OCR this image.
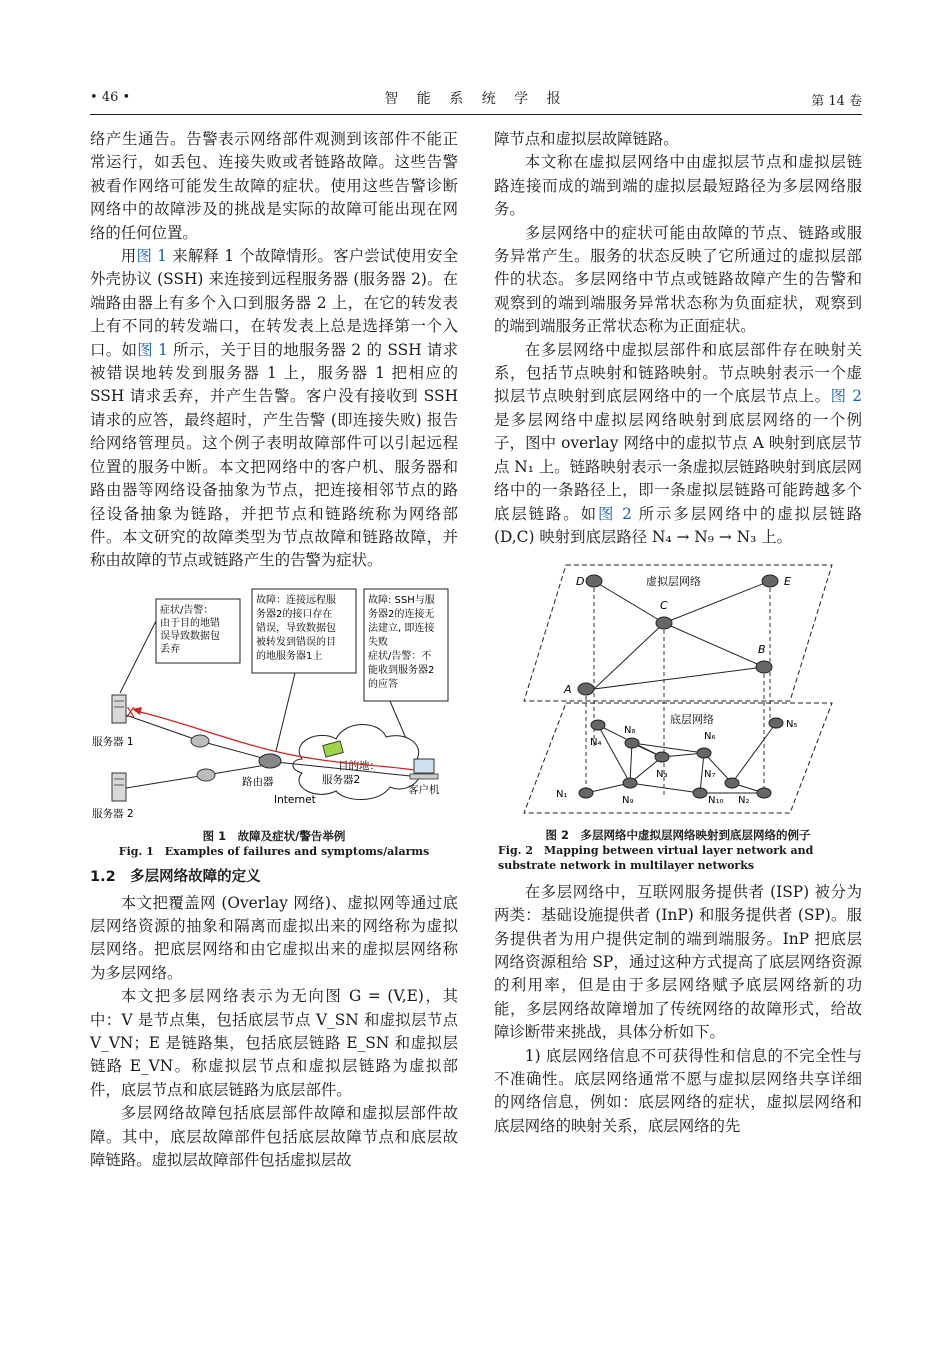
• 46 •	智 能 系 统 学 报	第 14 卷

络产生通告。告警表示网络部件观测到该部件不能正常运行，如丢包、连接失败或者链路故障。这些告警被看作网络可能发生故障的症状。使用这些告警诊断网络中的故障涉及的挑战是实际的故障可能出现在网络的任何位置。

用图 1 来解释 1 个故障情形。客户尝试使用安全外壳协议 (SSH) 来连接到远程服务器 (服务器 2)。在端路由器上有多个入口到服务器 2 上，在它的转发表上有不同的转发端口，在转发表上总是选择第一个入口。如图 1 所示，关于目的地服务器 2 的 SSH 请求被错误地转发到服务器 1 上，服务器 1 把相应的 SSH 请求丢弃，并产生告警。客户没有接收到 SSH 请求的应答，最终超时，产生告警 (即连接失败) 报告给网络管理员。这个例子表明故障部件可以引起远程位置的服务中断。本文把网络中的客户机、服务器和路由器等网络设备抽象为节点，把连接相邻节点的路径设备抽象为链路，并把节点和链路统称为网络部件。本文研究的故障类型为节点故障和链路故障，并称由故障的节点或链路产生的告警为症状。

症状/告警：
由于目的地错
误导致数据包
丢弃
故障：连接远程服
务器2的接口存在
错误，导致数据包
被转发到错误的目
的地服务器1上
故障: SSH与服
务器2的连接无
法建立, 即连接
失败
症状/告警：不
能收到服务器2
的应答
目的地：
服务器2
X
服务器 1
服务器 2
路由器
Internet
客户机
图 1　故障及症状/警告举例
Fig. 1　Examples of failures and symptoms/alarms
1.2　多层网络故障的定义

本文把覆盖网 (Overlay 网络)、虚拟网等通过底层网络资源的抽象和隔离而虚拟出来的网络称为虚拟层网络。把底层网络和由它虚拟出来的虚拟层网络称为多层网络。

本文把多层网络表示为无向图 G = (V,E)，其中：V 是节点集，包括底层节点 V_SN 和虚拟层节点 V_VN；E 是链路集，包括底层链路 E_SN 和虚拟层链路 E_VN。称虚拟层节点和虚拟层链路为虚拟部件，底层节点和底层链路为底层部件。

多层网络故障包括底层部件故障和虚拟层部件故障。其中，底层故障部件包括底层故障节点和底层故障链路。虚拟层故障部件包括虚拟层故

障节点和虚拟层故障链路。

本文称在虚拟层网络中由虚拟层节点和虚拟层链路连接而成的端到端的虚拟层最短路径为多层网络服务。

多层网络中的症状可能由故障的节点、链路或服务异常产生。服务的状态反映了它所通过的虚拟层部件的状态。多层网络中节点或链路故障产生的告警和观察到的端到端服务异常状态称为负面症状，观察到的端到端服务正常状态称为正面症状。

在多层网络中虚拟层部件和底层部件存在映射关系，包括节点映射和链路映射。节点映射表示一个虚拟层节点映射到底层网络中的一个底层节点上。图 2 是多层网络中虚拟层网络映射到底层网络的一个例子，图中 overlay 网络中的虚拟节点 A 映射到底层节点 N₁ 上。链路映射表示一条虚拟层链路映射到底层网络中的一条路径上，即一条虚拟层链路可能跨越多个底层链路。如图 2 所示多层网络中的虚拟层链路 (D,C) 映射到底层路径 N₄ → N₉ → N₃ 上。

虚拟层网络
底层网络
D	E
C
B
A
N₄
N₈
N₆
N₅
N₃	N₇
N₁
N₉	N₁₀ N₂
图 2　多层网络中虚拟层网络映射到底层网络的例子
Fig. 2　Mapping between virtual layer network and substrate network in multilayer networks

在多层网络中，互联网服务提供者 (ISP) 被分为两类：基础设施提供者 (InP) 和服务提供者 (SP)。服务提供者为用户提供定制的端到端服务。InP 把底层网络资源租给 SP，通过这种方式提高了底层网络资源的利用率，但是由于多层网络赋予底层网络新的功能，多层网络故障增加了传统网络的故障形式，给故障诊断带来挑战，具体分析如下。

1) 底层网络信息不可获得性和信息的不完全性与不准确性。底层网络通常不愿与虚拟层网络共享详细的网络信息，例如：底层网络的症状，虚拟层网络和底层网络的映射关系，底层网络的先
